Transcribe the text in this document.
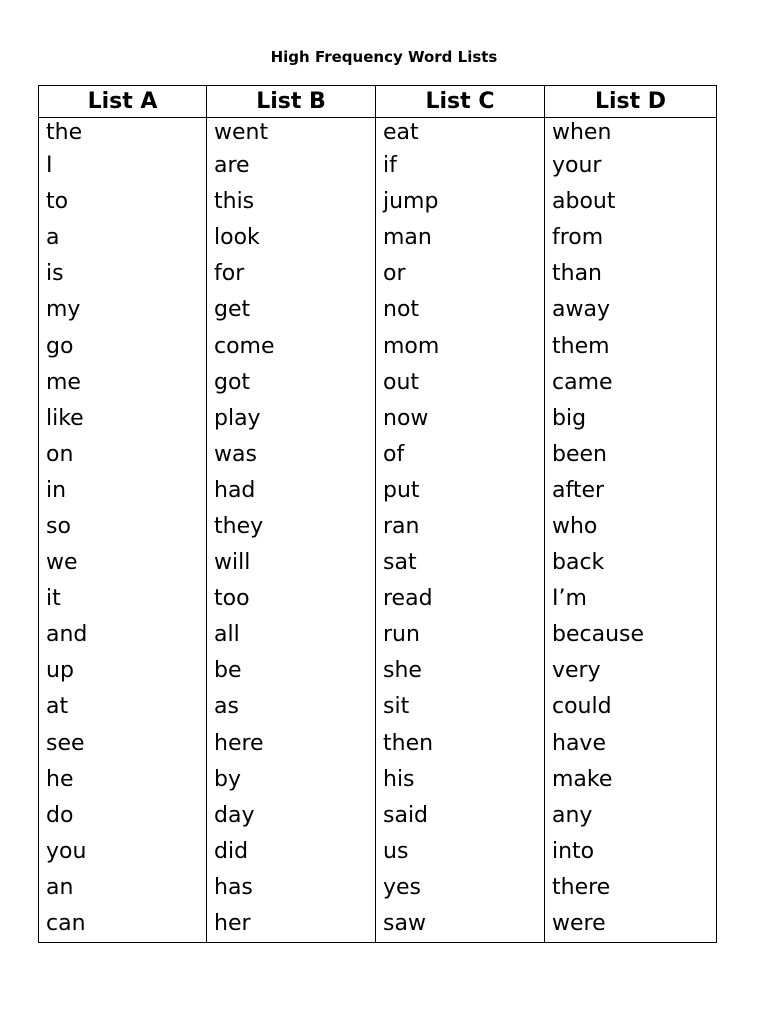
High Frequency Word Lists
List A	List B	List C	List D
the	went	eat	when
I	are	if	your
to	this	jump	about
a	look	man	from
is	for	or	than
my	get	not	away
go	come	mom	them
me	got	out	came
like	play	now	big
on	was	of	been
in	had	put	after
so	they	ran	who
we	will	sat	back
it	too	read	I’m
and	all	run	because
up	be	she	very
at	as	sit	could
see	here	then	have
he	by	his	make
do	day	said	any
you	did	us	into
an	has	yes	there
can	her	saw	were
